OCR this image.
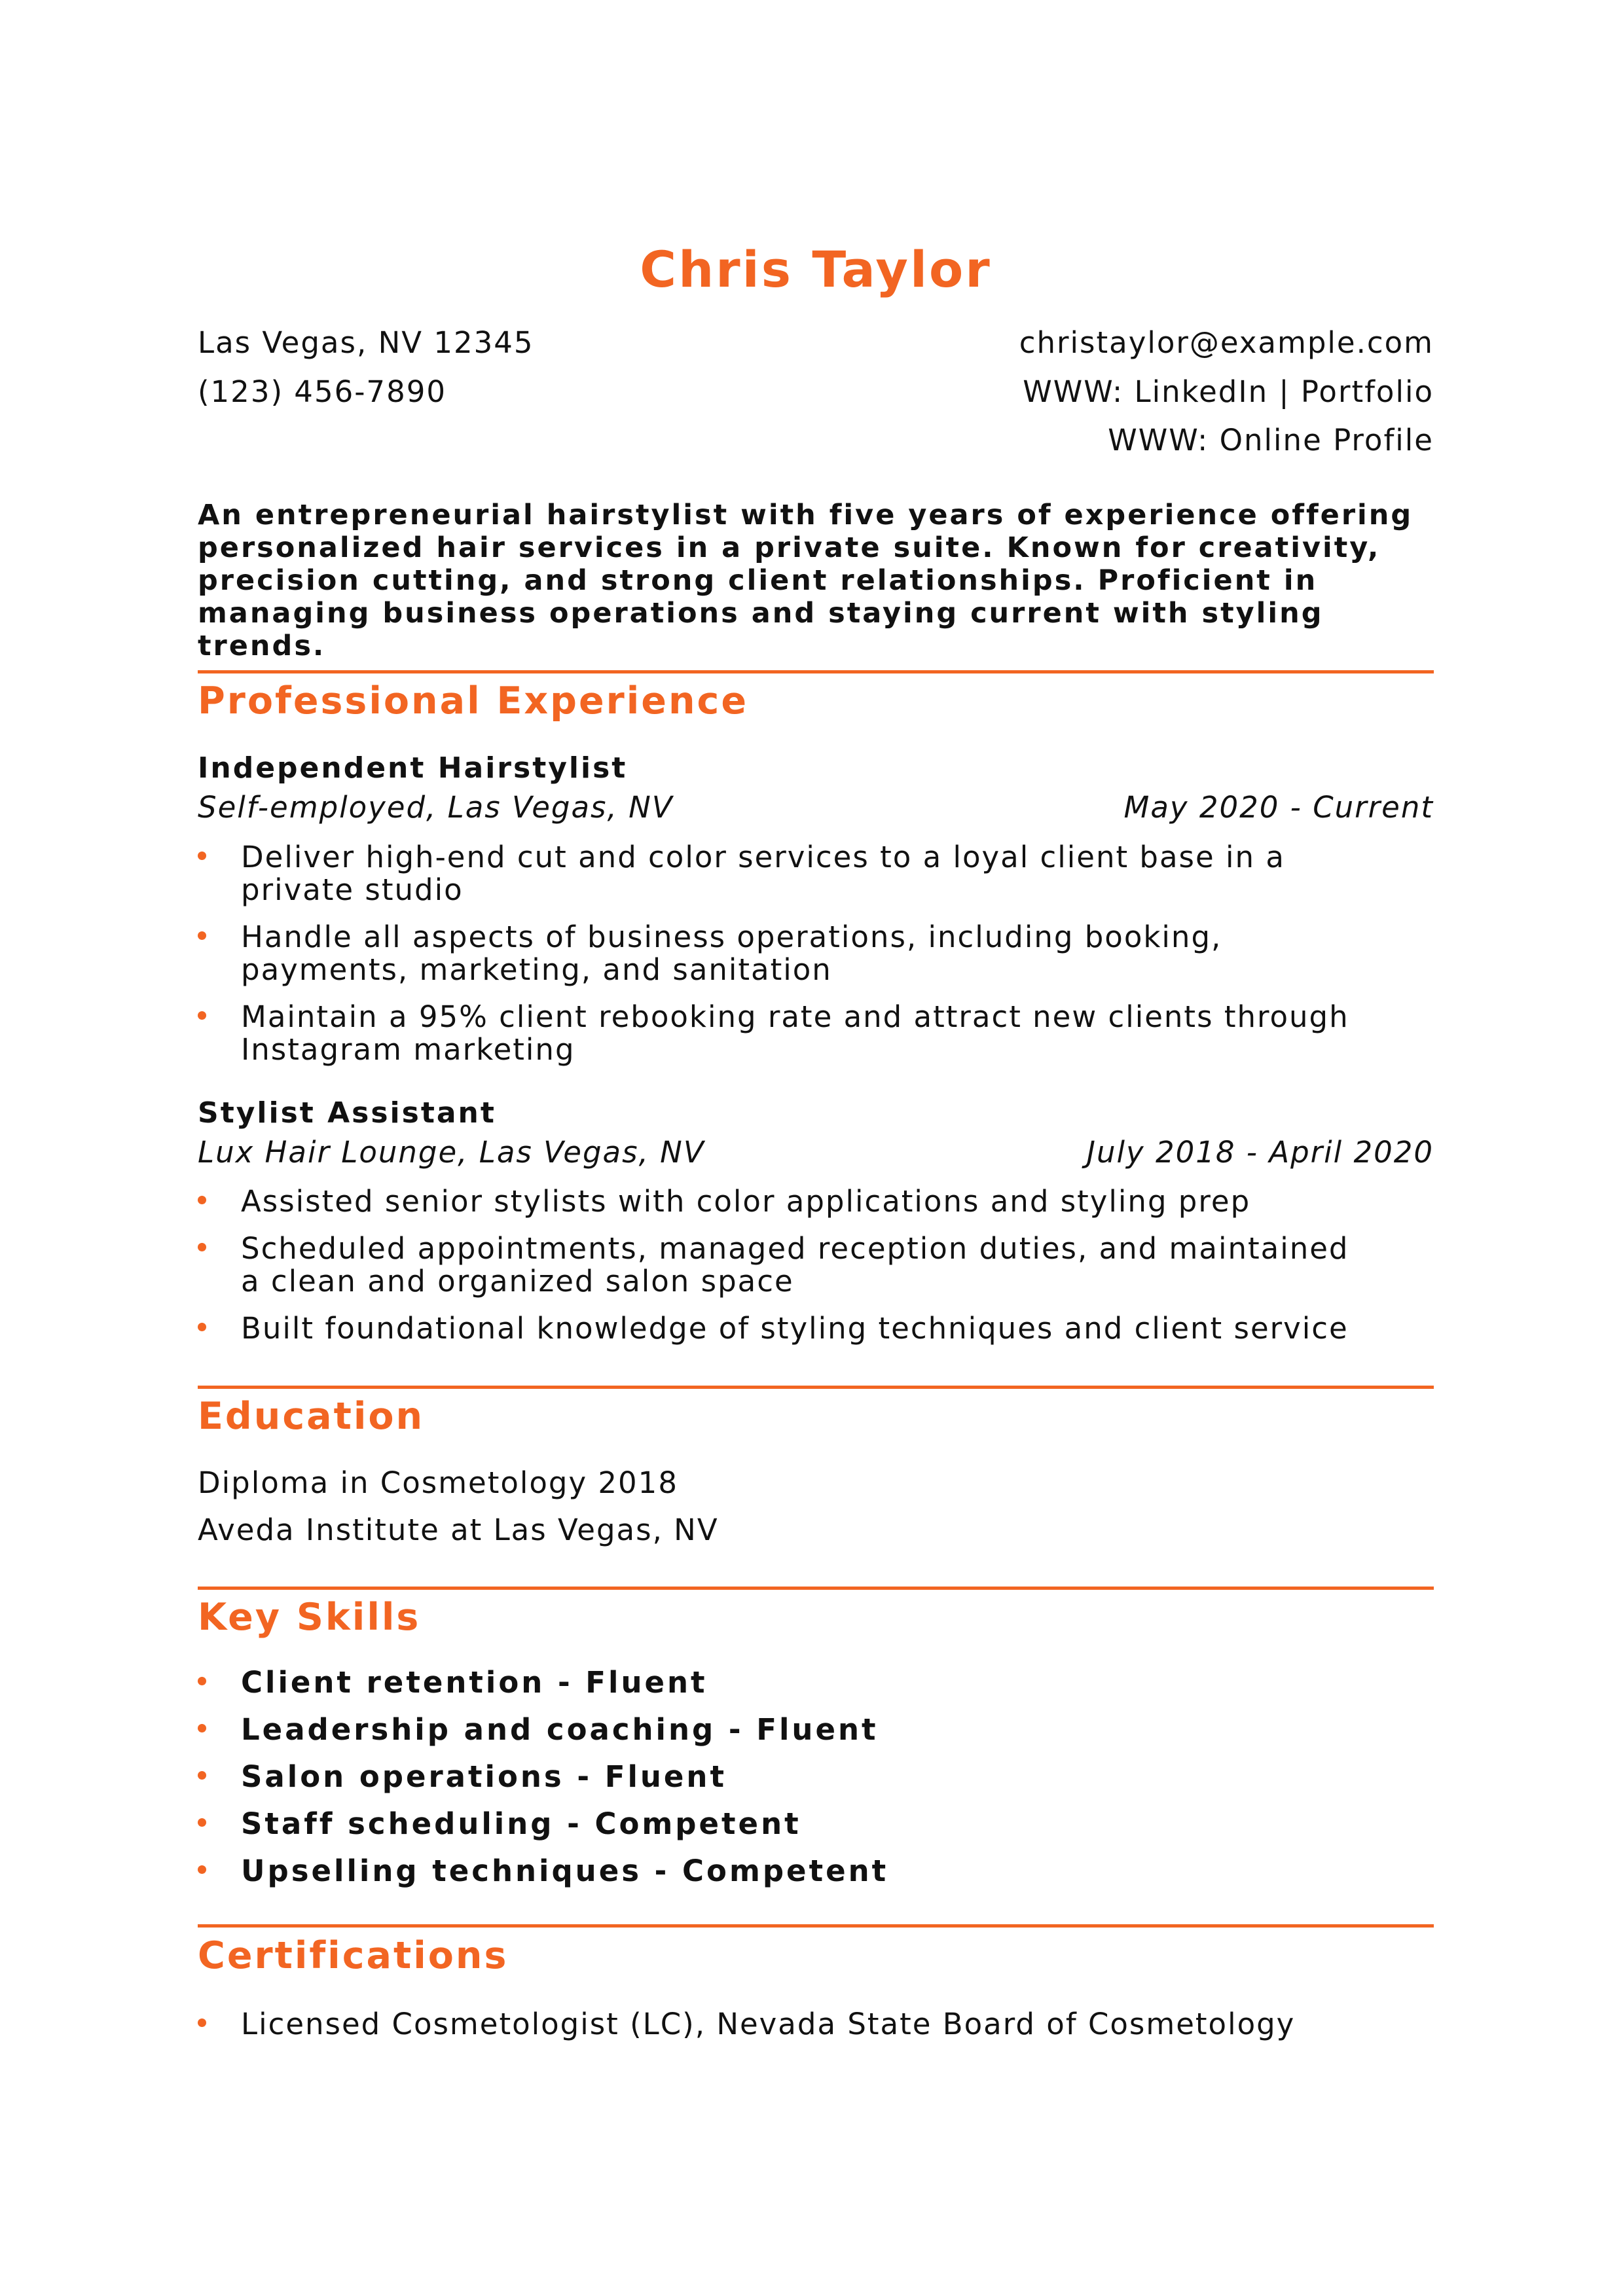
Chris Taylor
Las Vegas, NV 12345	christaylor@example.com
(123) 456-7890	WWW: LinkedIn | Portfolio
WWW: Online Profile
An entrepreneurial hairstylist with five years of experience offering personalized hair services in a private suite. Known for creativity, precision cutting, and strong client relationships. Proficient in managing business operations and staying current with styling trends.
Professional Experience
Independent Hairstylist
Self-employed, Las Vegas, NV	May 2020 - Current
Deliver high-end cut and color services to a loyal client base in a private studio
Handle all aspects of business operations, including booking, payments, marketing, and sanitation
Maintain a 95% client rebooking rate and attract new clients through Instagram marketing
Stylist Assistant
Lux Hair Lounge, Las Vegas, NV	July 2018 - April 2020
Assisted senior stylists with color applications and styling prep
Scheduled appointments, managed reception duties, and maintained a clean and organized salon space
Built foundational knowledge of styling techniques and client service
Education
Diploma in Cosmetology 2018
Aveda Institute at Las Vegas, NV
Key Skills
Client retention - Fluent
Leadership and coaching - Fluent
Salon operations - Fluent
Staff scheduling - Competent
Upselling techniques - Competent
Certifications
Licensed Cosmetologist (LC), Nevada State Board of Cosmetology
